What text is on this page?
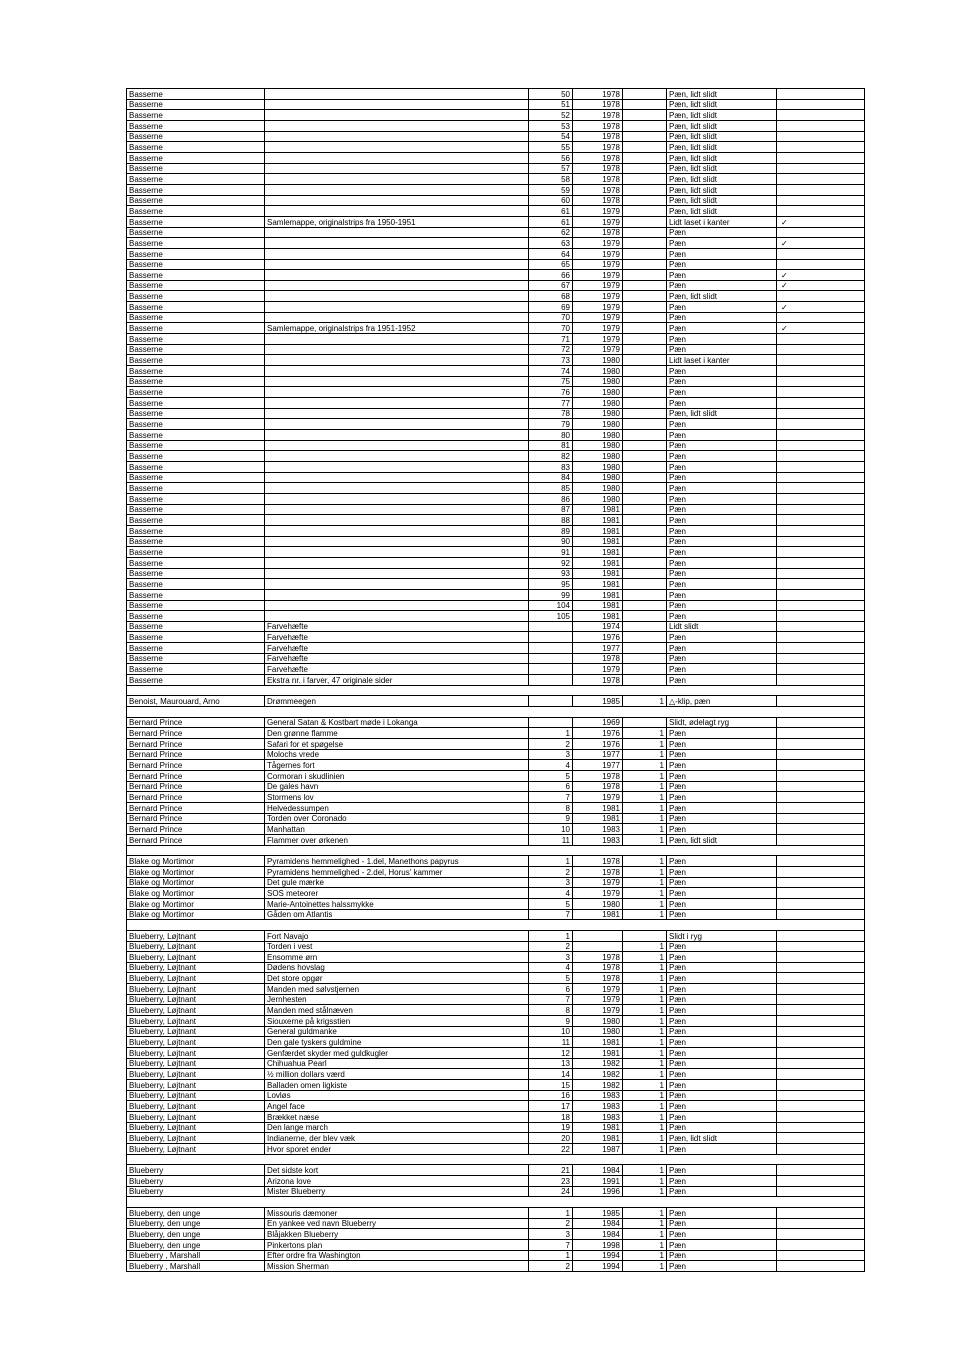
Basserne		50	1978		Pæn, lidt slidt	
Basserne		51	1978		Pæn, lidt slidt	
Basserne		52	1978		Pæn, lidt slidt	
Basserne		53	1978		Pæn, lidt slidt	
Basserne		54	1978		Pæn, lidt slidt	
Basserne		55	1978		Pæn, lidt slidt	
Basserne		56	1978		Pæn, lidt slidt	
Basserne		57	1978		Pæn, lidt slidt	
Basserne		58	1978		Pæn, lidt slidt	
Basserne		59	1978		Pæn, lidt slidt	
Basserne		60	1978		Pæn, lidt slidt	
Basserne		61	1979		Pæn, lidt slidt	
Basserne	Samlemappe, originalstrips fra 1950-1951	61	1979		Lidt laset i kanter	✓
Basserne		62	1978		Pæn	
Basserne		63	1979		Pæn	✓
Basserne		64	1979		Pæn	
Basserne		65	1979		Pæn	
Basserne		66	1979		Pæn	✓
Basserne		67	1979		Pæn	✓
Basserne		68	1979		Pæn, lidt slidt	
Basserne		69	1979		Pæn	✓
Basserne		70	1979		Pæn	
Basserne	Samlemappe, originalstrips fra 1951-1952	70	1979		Pæn	✓
Basserne		71	1979		Pæn	
Basserne		72	1979		Pæn	
Basserne		73	1980		Lidt laset i kanter	
Basserne		74	1980		Pæn	
Basserne		75	1980		Pæn	
Basserne		76	1980		Pæn	
Basserne		77	1980		Pæn	
Basserne		78	1980		Pæn, lidt slidt	
Basserne		79	1980		Pæn	
Basserne		80	1980		Pæn	
Basserne		81	1980		Pæn	
Basserne		82	1980		Pæn	
Basserne		83	1980		Pæn	
Basserne		84	1980		Pæn	
Basserne		85	1980		Pæn	
Basserne		86	1980		Pæn	
Basserne		87	1981		Pæn	
Basserne		88	1981		Pæn	
Basserne		89	1981		Pæn	
Basserne		90	1981		Pæn	
Basserne		91	1981		Pæn	
Basserne		92	1981		Pæn	
Basserne		93	1981		Pæn	
Basserne		95	1981		Pæn	
Basserne		99	1981		Pæn	
Basserne		104	1981		Pæn	
Basserne		105	1981		Pæn	
Basserne	Farvehæfte		1974		Lidt slidt	
Basserne	Farvehæfte		1976		Pæn	
Basserne	Farvehæfte		1977		Pæn	
Basserne	Farvehæfte		1978		Pæn	
Basserne	Farvehæfte		1979		Pæn	
Basserne	Ekstra nr. i farver, 47 originale sider		1978		Pæn	

Benoist, Maurouard, Arno	Drømmeegen		1985	1	△-klip, pæn	

Bernard Prince	General Satan & Kostbart møde i Lokanga		1969		Slidt, ødelagt ryg	
Bernard Prince	Den grønne flamme	1	1976	1	Pæn	
Bernard Prince	Safari for et spøgelse	2	1976	1	Pæn	
Bernard Prince	Molochs vrede	3	1977	1	Pæn	
Bernard Prince	Tågernes fort	4	1977	1	Pæn	
Bernard Prince	Cormoran i skudlinien	5	1978	1	Pæn	
Bernard Prince	De gales havn	6	1978	1	Pæn	
Bernard Prince	Stormens lov	7	1979	1	Pæn	
Bernard Prince	Helvedessumpen	8	1981	1	Pæn	
Bernard Prince	Torden over Coronado	9	1981	1	Pæn	
Bernard Prince	Manhattan	10	1983	1	Pæn	
Bernard Prince	Flammer over ørkenen	11	1983	1	Pæn, lidt slidt	

Blake og Mortimor	Pyramidens hemmelighed - 1.del, Manethons papyrus	1	1978	1	Pæn	
Blake og Mortimor	Pyramidens hemmelighed - 2.del, Horus' kammer	2	1978	1	Pæn	
Blake og Mortimor	Det gule mærke	3	1979	1	Pæn	
Blake og Mortimor	SOS meteorer	4	1979	1	Pæn	
Blake og Mortimor	Marie-Antoinettes halssmykke	5	1980	1	Pæn	
Blake og Mortimor	Gåden om Atlantis	7	1981	1	Pæn	

Blueberry, Løjtnant	Fort Navajo	1			Slidt i ryg	
Blueberry, Løjtnant	Torden i vest	2		1	Pæn	
Blueberry, Løjtnant	Ensomme ørn	3	1978	1	Pæn	
Blueberry, Løjtnant	Dødens hovslag	4	1978	1	Pæn	
Blueberry, Løjtnant	Det store opgør	5	1978	1	Pæn	
Blueberry, Løjtnant	Manden med sølvstjernen	6	1979	1	Pæn	
Blueberry, Løjtnant	Jernhesten	7	1979	1	Pæn	
Blueberry, Løjtnant	Manden med stålnæven	8	1979	1	Pæn	
Blueberry, Løjtnant	Siouxerne på krigsstien	9	1980	1	Pæn	
Blueberry, Løjtnant	General guldmanke	10	1980	1	Pæn	
Blueberry, Løjtnant	Den gale tyskers guldmine	11	1981	1	Pæn	
Blueberry, Løjtnant	Genfærdet skyder med guldkugler	12	1981	1	Pæn	
Blueberry, Løjtnant	Chihuahua Pearl	13	1982	1	Pæn	
Blueberry, Løjtnant	½ million dollars værd	14	1982	1	Pæn	
Blueberry, Løjtnant	Balladen omen ligkiste	15	1982	1	Pæn	
Blueberry, Løjtnant	Lovløs	16	1983	1	Pæn	
Blueberry, Løjtnant	Angel face	17	1983	1	Pæn	
Blueberry, Løjtnant	Brækket næse	18	1983	1	Pæn	
Blueberry, Løjtnant	Den lange march	19	1981	1	Pæn	
Blueberry, Løjtnant	Indianerne, der blev væk	20	1981	1	Pæn, lidt slidt	
Blueberry, Løjtnant	Hvor sporet ender	22	1987	1	Pæn	

Blueberry	Det sidste kort	21	1984	1	Pæn	
Blueberry	Arizona love	23	1991	1	Pæn	
Blueberry	Mister Blueberry	24	1996	1	Pæn	

Blueberry, den unge	Missouris dæmoner	1	1985	1	Pæn	
Blueberry, den unge	En yankee ved navn Blueberry	2	1984	1	Pæn	
Blueberry, den unge	Blåjakken Blueberry	3	1984	1	Pæn	
Blueberry, den unge	Pinkertons plan	7	1998	1	Pæn	
Blueberry , Marshall	Efter ordre fra Washington	1	1994	1	Pæn	
Blueberry , Marshall	Mission Sherman	2	1994	1	Pæn	
